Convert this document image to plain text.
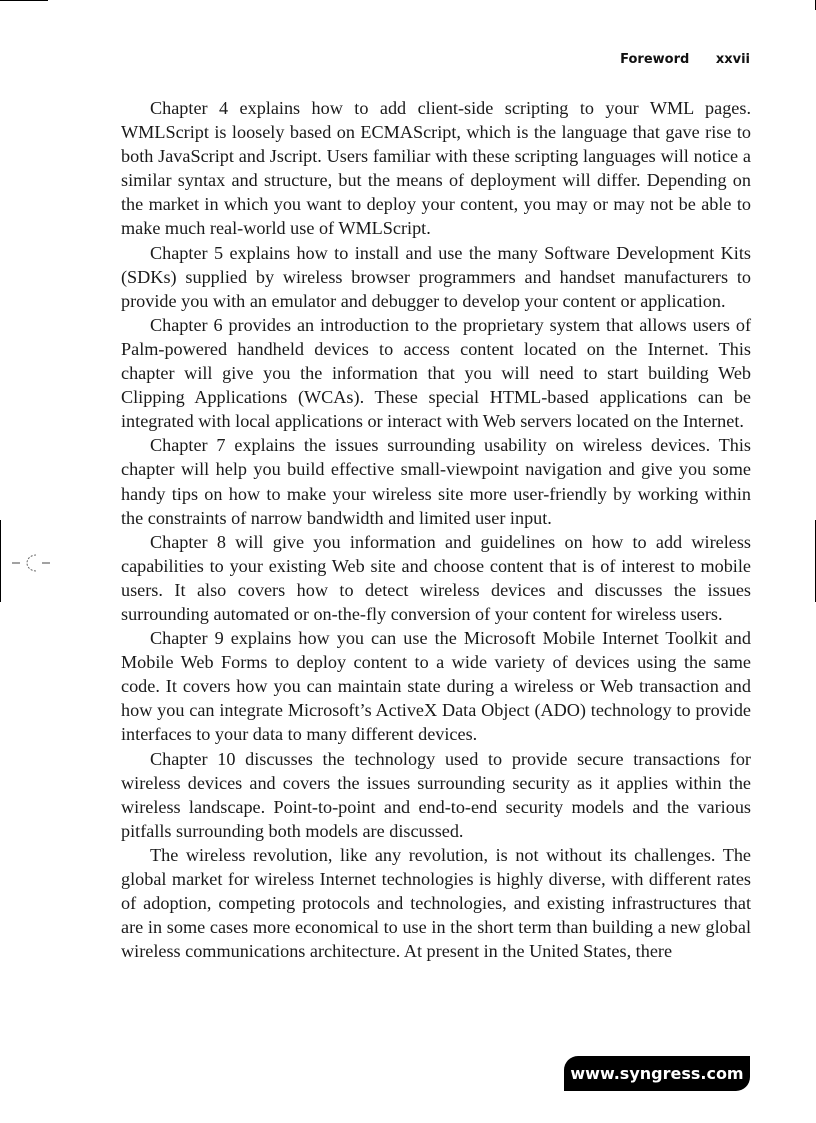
Foreword xxvii

Chapter 4 explains how to add client-side scripting to your WML pages. WMLScript is loosely based on ECMAScript, which is the language that gave rise to both JavaScript and Jscript. Users familiar with these scripting languages will notice a similar syntax and structure, but the means of deployment will differ. Depending on the market in which you want to deploy your content, you may or may not be able to make much real-world use of WMLScript.

Chapter 5 explains how to install and use the many Software Development Kits (SDKs) supplied by wireless browser programmers and handset manufacturers to provide you with an emulator and debugger to develop your content or application.

Chapter 6 provides an introduction to the proprietary system that allows users of Palm-powered handheld devices to access content located on the Internet. This chapter will give you the information that you will need to start building Web Clipping Applications (WCAs). These special HTML-based applications can be integrated with local applications or interact with Web servers located on the Internet.

Chapter 7 explains the issues surrounding usability on wireless devices. This chapter will help you build effective small-viewpoint navigation and give you some handy tips on how to make your wireless site more user-friendly by working within the constraints of narrow bandwidth and limited user input.

Chapter 8 will give you information and guidelines on how to add wireless capabilities to your existing Web site and choose content that is of interest to mobile users. It also covers how to detect wireless devices and discusses the issues surrounding automated or on-the-fly conversion of your content for wireless users.

Chapter 9 explains how you can use the Microsoft Mobile Internet Toolkit and Mobile Web Forms to deploy content to a wide variety of devices using the same code. It covers how you can maintain state during a wireless or Web transaction and how you can integrate Microsoft’s ActiveX Data Object (ADO) technology to provide interfaces to your data to many different devices.

Chapter 10 discusses the technology used to provide secure transactions for wireless devices and covers the issues surrounding security as it applies within the wireless landscape. Point-to-point and end-to-end security models and the various pitfalls surrounding both models are discussed.

The wireless revolution, like any revolution, is not without its challenges. The global market for wireless Internet technologies is highly diverse, with different rates of adoption, competing protocols and technologies, and existing infrastructures that are in some cases more economical to use in the short term than building a new global wireless communications architecture. At present in the United States, there

www.syngress.com
